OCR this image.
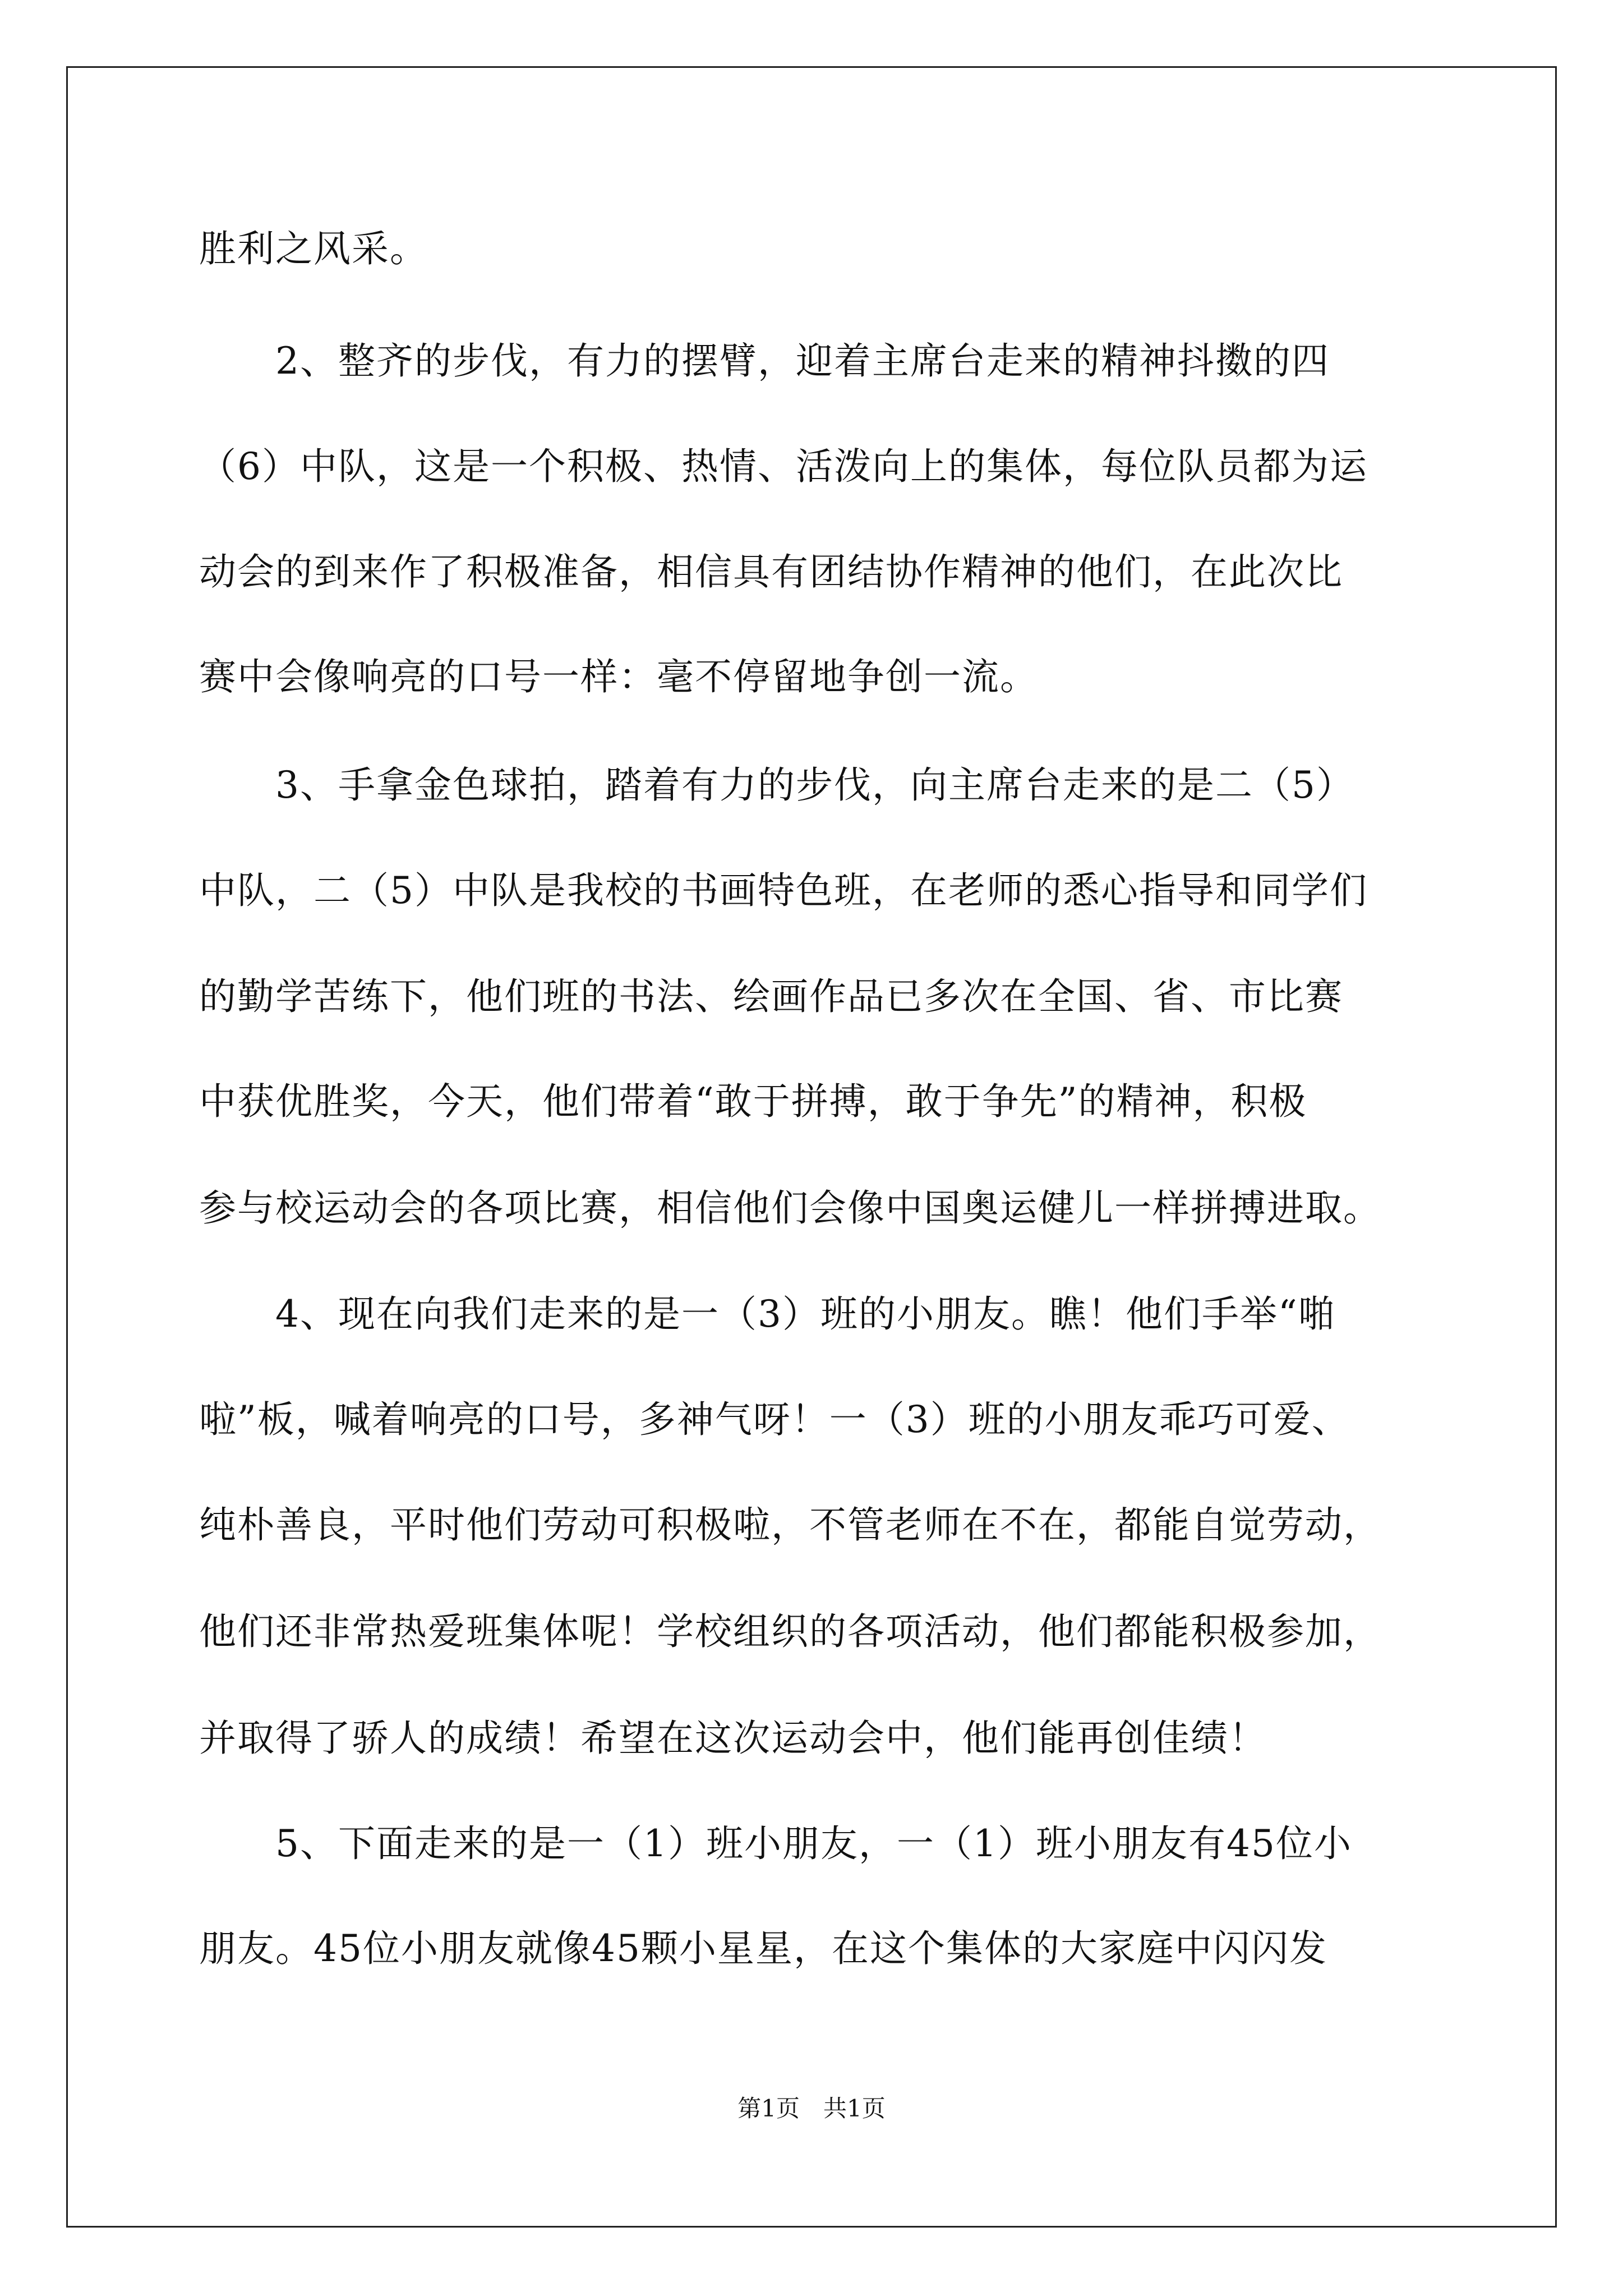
胜利之风采。
　　2、整齐的步伐，有力的摆臂，迎着主席台走来的精神抖擞的四
（6）中队，这是一个积极、热情、活泼向上的集体，每位队员都为运
动会的到来作了积极准备，相信具有团结协作精神的他们，在此次比
赛中会像响亮的口号一样：毫不停留地争创一流。
　　3、手拿金色球拍，踏着有力的步伐，向主席台走来的是二（5）
中队，二（5）中队是我校的书画特色班，在老师的悉心指导和同学们
的勤学苦练下，他们班的书法、绘画作品已多次在全国、省、市比赛
中获优胜奖，今天，他们带着“敢于拼搏，敢于争先”的精神，积极
参与校运动会的各项比赛，相信他们会像中国奥运健儿一样拼搏进取。
　　4、现在向我们走来的是一（3）班的小朋友。瞧！他们手举“啪
啦”板，喊着响亮的口号，多神气呀！一（3）班的小朋友乖巧可爱、
纯朴善良，平时他们劳动可积极啦，不管老师在不在，都能自觉劳动，
他们还非常热爱班集体呢！学校组织的各项活动，他们都能积极参加，
并取得了骄人的成绩！希望在这次运动会中，他们能再创佳绩！
　　5、下面走来的是一（1）班小朋友，一（1）班小朋友有45位小
朋友。45位小朋友就像45颗小星星，在这个集体的大家庭中闪闪发
第1页　共1页
